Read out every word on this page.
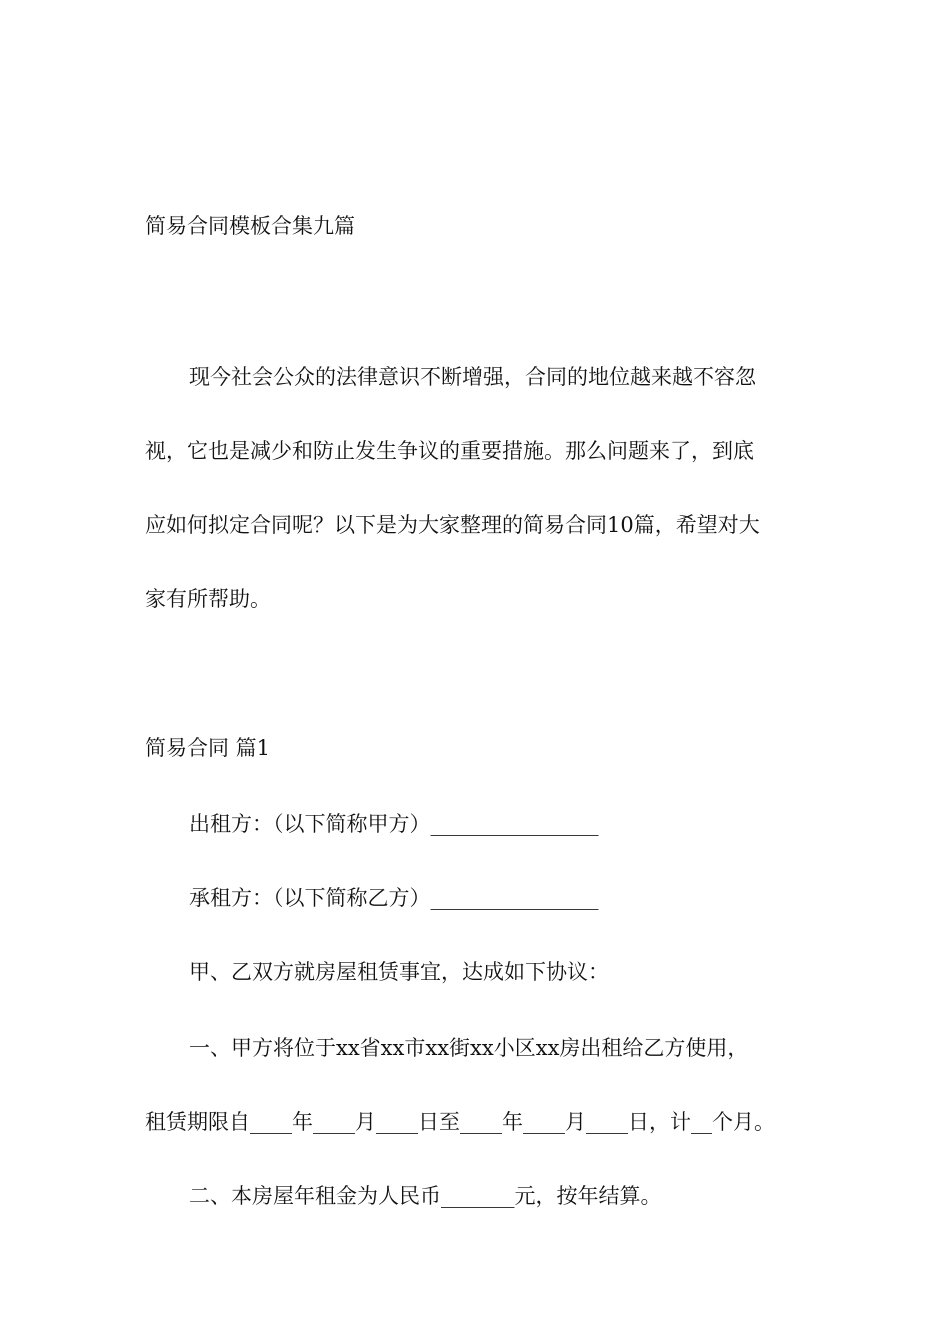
简易合同模板合集九篇

现今社会公众的法律意识不断增强，合同的地位越来越不容忽

视，它也是减少和防止发生争议的重要措施。那么问题来了，到底

应如何拟定合同呢？以下是为大家整理的简易合同10篇，希望对大

家有所帮助。

简易合同 篇1

出租方：（以下简称甲方）________________

承租方：（以下简称乙方）________________

甲、乙双方就房屋租赁事宜，达成如下协议：

一、甲方将位于xx省xx市xx街xx小区xx房出租给乙方使用，

租赁期限自____年____月____日至____年____月____日，计__个月。

二、本房屋年租金为人民币_______元，按年结算。
